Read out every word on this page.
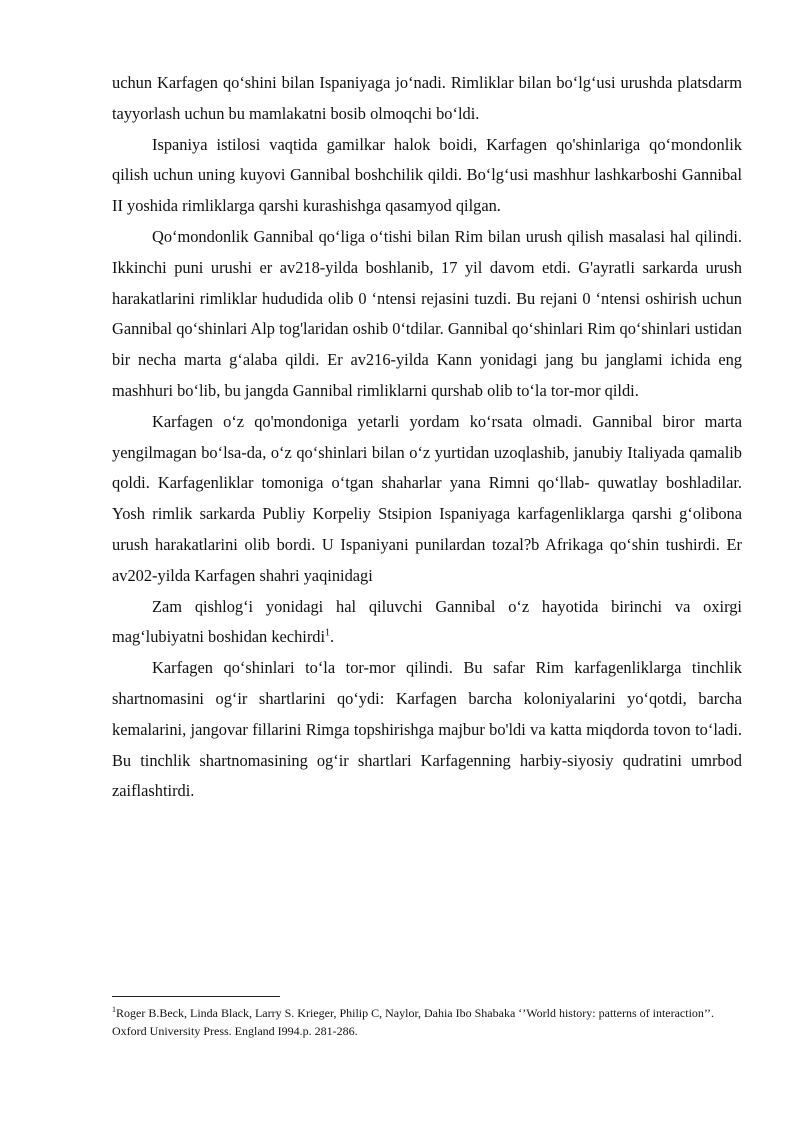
uchun Karfagen qo‘shini bilan Ispaniyaga jo‘nadi. Rimliklar bilan bo‘lg‘usi urushda platsdarm tayyorlash uchun bu mamlakatni bosib olmoqchi bo‘ldi.

Ispaniya istilosi vaqtida gamilkar halok boidi, Karfagen qo'shinlariga qo‘mondonlik qilish uchun uning kuyovi Gannibal boshchilik qildi. Bo‘lg‘usi mashhur lashkarboshi Gannibal II yoshida rimliklarga qarshi kurashishga qasamyod qilgan.

Qo‘mondonlik Gannibal qo‘liga o‘tishi bilan Rim bilan urush qilish masalasi hal qilindi. Ikkinchi puni urushi er av218-yilda boshlanib, 17 yil davom etdi. G'ayratli sarkarda urush harakatlarini rimliklar hududida olib 0 ‘ntensi rejasini tuzdi. Bu rejani 0 ‘ntensi oshirish uchun Gannibal qo‘shinlari Alp tog'laridan oshib 0‘tdilar. Gannibal qo‘shinlari Rim qo‘shinlari ustidan bir necha marta g‘alaba qildi. Er av216-yilda Kann yonidagi jang bu janglami ichida eng mashhuri bo‘lib, bu jangda Gannibal rimliklarni qurshab olib to‘la tor-mor qildi.

Karfagen o‘z qo'mondoniga yetarli yordam ko‘rsata olmadi. Gannibal biror marta yengilmagan bo‘lsa-da, o‘z qo‘shinlari bilan o‘z yurtidan uzoqlashib, janubiy Italiyada qamalib qoldi. Karfagenliklar tomoniga o‘tgan shaharlar yana Rimni qo‘llab- quwatlay boshladilar. Yosh rimlik sarkarda Publiy Korpeliy Stsipion Ispaniyaga karfagenliklarga qarshi g‘olibona urush harakatlarini olib bordi. U Ispaniyani punilardan tozal?b Afrikaga qo‘shin tushirdi. Er av202-yilda Karfagen shahri yaqinidagi

Zam qishlog‘i yonidagi hal qiluvchi Gannibal o‘z hayotida birinchi va oxirgi mag‘lubiyatni boshidan kechirdi$^1$.

Karfagen qo‘shinlari to‘la tor-mor qilindi. Bu safar Rim karfagenliklarga tinchlik shartnomasini og‘ir shartlarini qo‘ydi: Karfagen barcha koloniyalarini yo‘qotdi, barcha kemalarini, jangovar fillarini Rimga topshirishga majbur bo'ldi va katta miqdorda tovon to‘ladi. Bu tinchlik shartnomasining og‘ir shartlari Karfagenning harbiy-siyosiy qudratini umrbod zaiflashtirdi.

$^1$Roger B.Beck, Linda Black, Larry S. Krieger, Philip C, Naylor, Dahia Ibo Shabaka ‘’World history: patterns of interaction’’. Oxford University Press. England I994.p. 281-286.
